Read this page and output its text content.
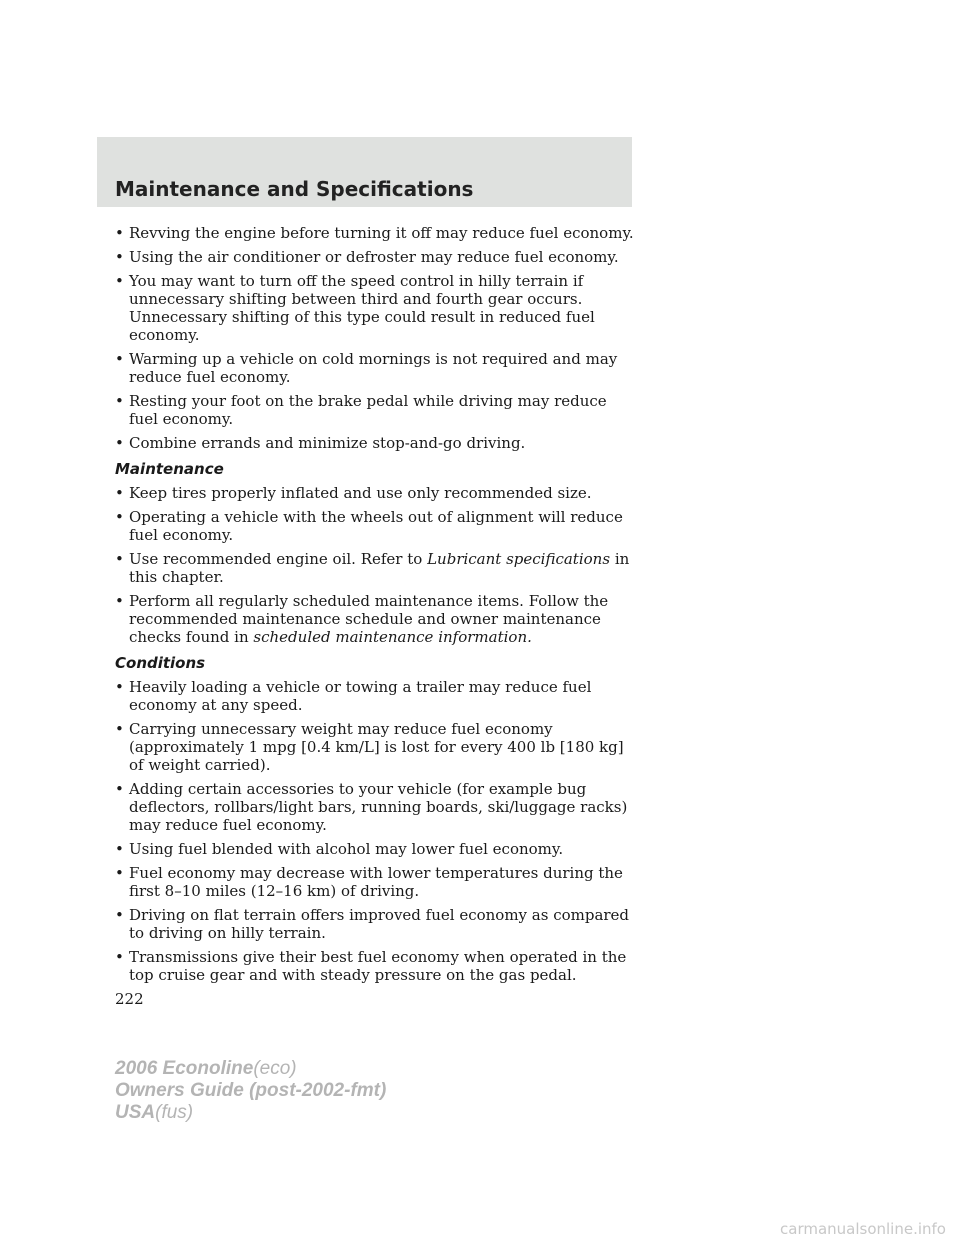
Maintenance and Specifications
• Revving the engine before turning it off may reduce fuel economy.
• Using the air conditioner or defroster may reduce fuel economy.
• You may want to turn off the speed control in hilly terrain if unnecessary shifting between third and fourth gear occurs. Unnecessary shifting of this type could result in reduced fuel economy.
• Warming up a vehicle on cold mornings is not required and may reduce fuel economy.
• Resting your foot on the brake pedal while driving may reduce fuel economy.
• Combine errands and minimize stop-and-go driving.
Maintenance
• Keep tires properly inflated and use only recommended size.
• Operating a vehicle with the wheels out of alignment will reduce fuel economy.
• Use recommended engine oil. Refer to Lubricant specifications in this chapter.
• Perform all regularly scheduled maintenance items. Follow the recommended maintenance schedule and owner maintenance checks found in scheduled maintenance information.
Conditions
• Heavily loading a vehicle or towing a trailer may reduce fuel economy at any speed.
• Carrying unnecessary weight may reduce fuel economy (approximately 1 mpg [0.4 km/L] is lost for every 400 lb [180 kg] of weight carried).
• Adding certain accessories to your vehicle (for example bug deflectors, rollbars/light bars, running boards, ski/luggage racks) may reduce fuel economy.
• Using fuel blended with alcohol may lower fuel economy.
• Fuel economy may decrease with lower temperatures during the first 8–10 miles (12–16 km) of driving.
• Driving on flat terrain offers improved fuel economy as compared to driving on hilly terrain.
• Transmissions give their best fuel economy when operated in the top cruise gear and with steady pressure on the gas pedal.
222
2006 Econoline(eco)
Owners Guide (post-2002-fmt)
USA(fus)
carmanualsonline.info
